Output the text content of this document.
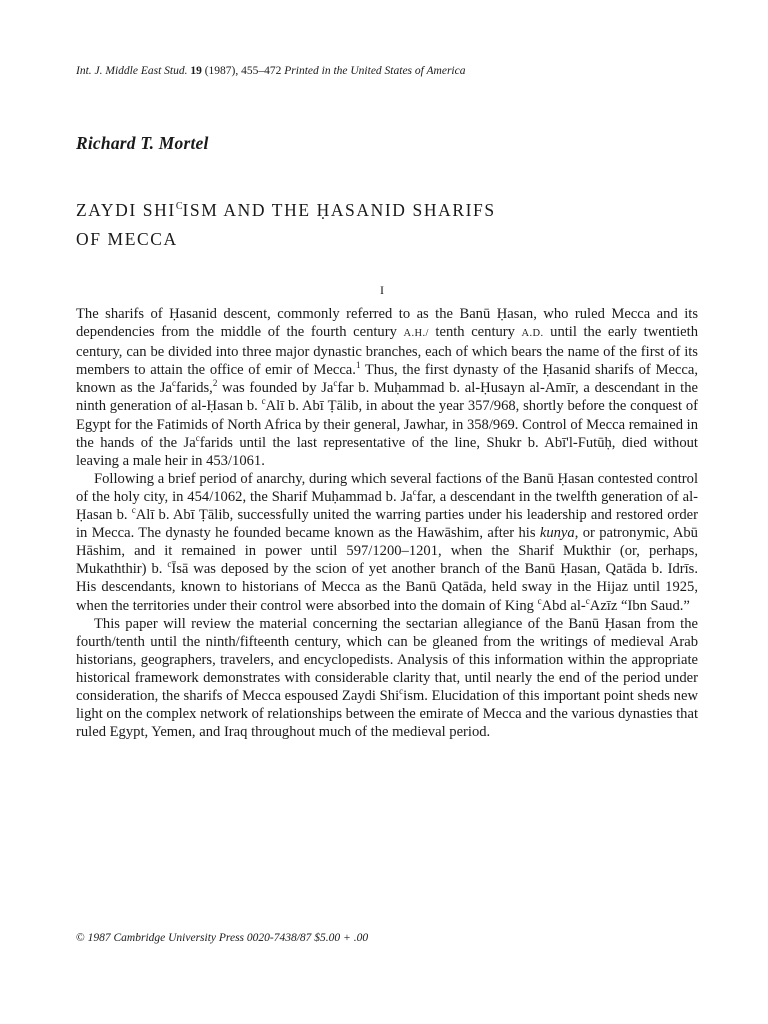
Int. J. Middle East Stud. 19 (1987), 455–472 Printed in the United States of America
Richard T. Mortel
ZAYDI $SHI^CISM$ AND THE ḤASANID SHARIFS
OF MECCA
I

The sharifs of Ḥasanid descent, commonly referred to as the Banū Ḥasan, who ruled Mecca and its dependencies from the middle of the fourth century A.H./ tenth century A.D. until the early twentieth century, can be divided into three major dynastic branches, each of which bears the name of the first of its members to attain the office of emir of Mecca.$^1$ Thus, the first dynasty of the Ḥasanid sharifs of Mecca, known as the Ja$^c$farids,$^2$ was founded by Ja$^c$far b. Muḥammad b. al-Ḥusayn al-Amīr, a descendant in the ninth generation of al-Ḥasan b. $^c$Alī b. Abī Ṭālib, in about the year 357/968, shortly before the conquest of Egypt for the Fatimids of North Africa by their general, Jawhar, in 358/969. Control of Mecca remained in the hands of the Ja$^c$farids until the last representative of the line, Shukr b. Abī'l-Futūḥ, died without leaving a male heir in 453/1061.

Following a brief period of anarchy, during which several factions of the Banū Ḥasan contested control of the holy city, in 454/1062, the Sharif Muḥammad b. Ja$^c$far, a descendant in the twelfth generation of al-Ḥasan b. $^c$Alī b. Abī Ṭālib, successfully united the warring parties under his leadership and restored order in Mecca. The dynasty he founded became known as the Hawāshim, after his kunya, or patronymic, Abū Hāshim, and it remained in power until 597/1200–1201, when the Sharif Mukthir (or, perhaps, Mukaththir) b. $^c$Īsā was deposed by the scion of yet another branch of the Banū Ḥasan, Qatāda b. Idrīs. His descendants, known to historians of Mecca as the Banū Qatāda, held sway in the Hijaz until 1925, when the territories under their control were absorbed into the domain of King $^c$Abd al-$^c$Azīz “Ibn Saud.”

This paper will review the material concerning the sectarian allegiance of the Banū Ḥasan from the fourth/tenth until the ninth/fifteenth century, which can be gleaned from the writings of medieval Arab historians, geographers, travelers, and encyclopedists. Analysis of this information within the appropriate historical framework demonstrates with considerable clarity that, until nearly the end of the period under consideration, the sharifs of Mecca espoused Zaydi Shi$^c$ism. Elucidation of this important point sheds new light on the complex network of relationships between the emirate of Mecca and the various dynasties that ruled Egypt, Yemen, and Iraq throughout much of the medieval period.

© 1987 Cambridge University Press 0020-7438/87 $5.00 + .00
